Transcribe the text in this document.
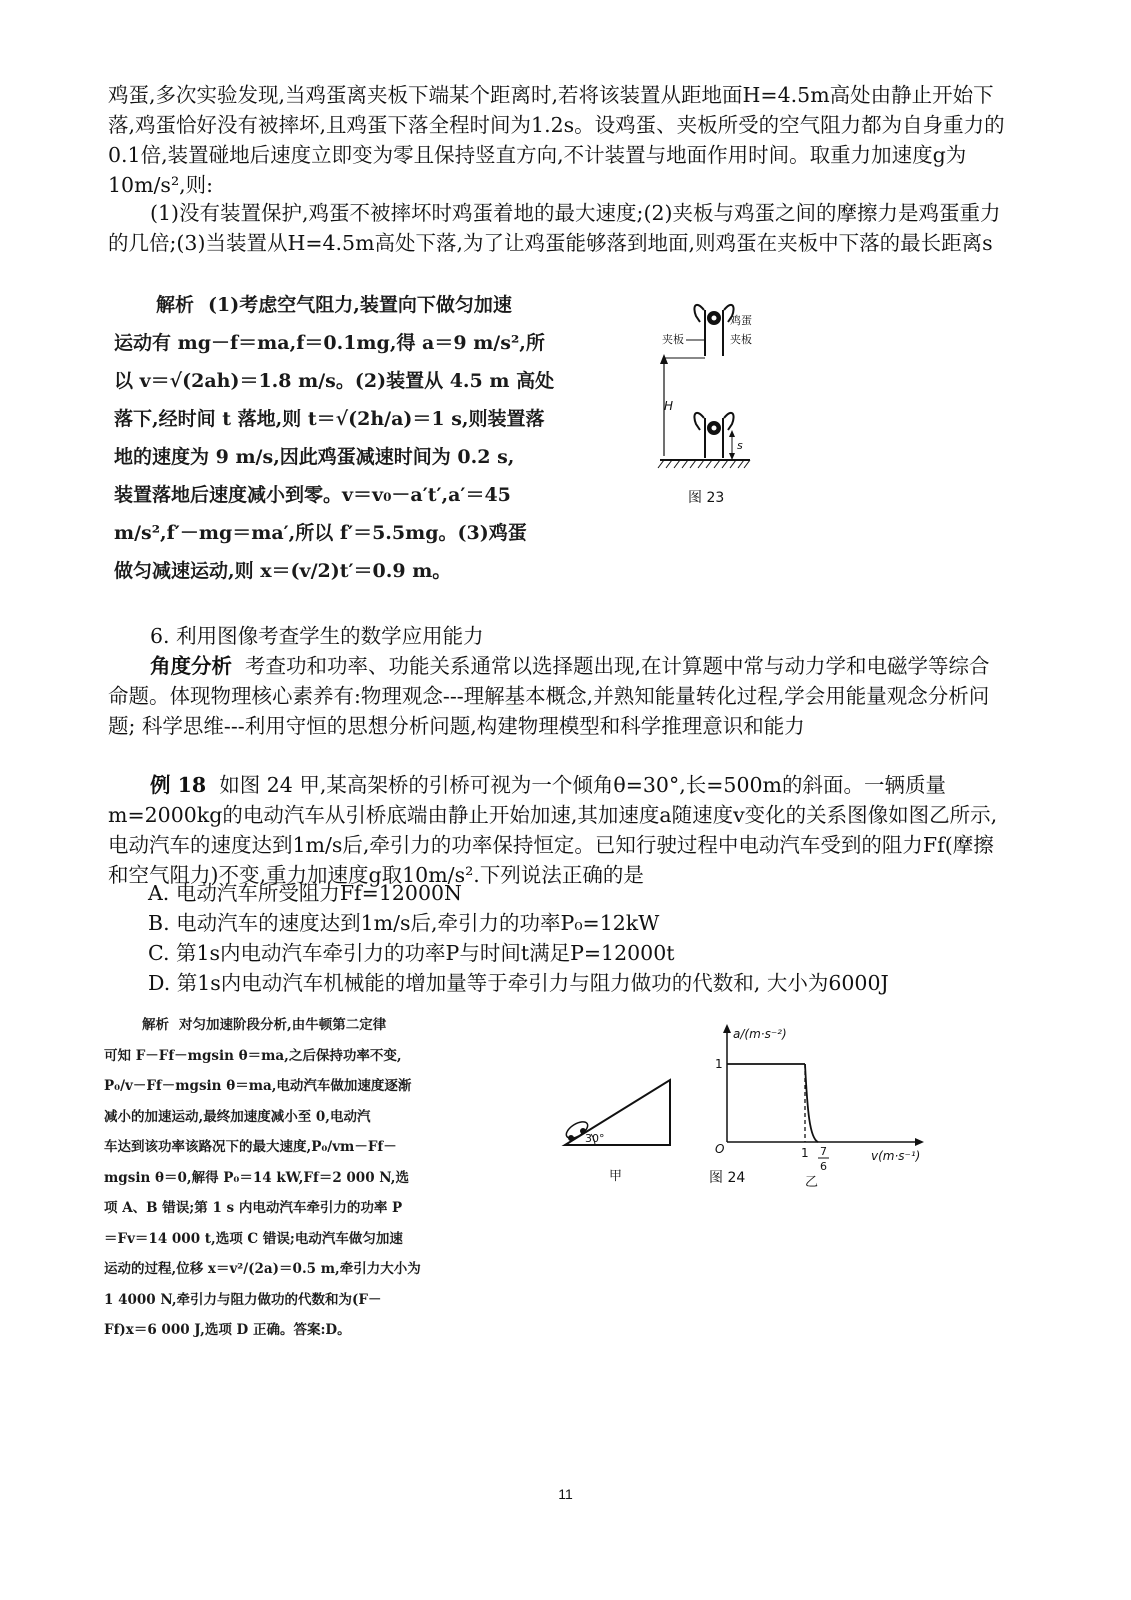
鸡蛋,多次实验发现,当鸡蛋离夹板下端某个距离时,若将该装置从距地面H=4.5m高处由静止开始下落,鸡蛋恰好没有被摔坏,且鸡蛋下落全程时间为1.2s。设鸡蛋、夹板所受的空气阻力都为自身重力的0.1倍,装置碰地后速度立即变为零且保持竖直方向,不计装置与地面作用时间。取重力加速度g为10m/s²,则:

(1)没有装置保护,鸡蛋不被摔坏时鸡蛋着地的最大速度;(2)夹板与鸡蛋之间的摩擦力是鸡蛋重力的几倍;(3)当装置从H=4.5m高处下落,为了让鸡蛋能够落到地面,则鸡蛋在夹板中下落的最长距离s

解析 (1)考虑空气阻力,装置向下做匀加速
运动有 mg－f＝ma,f＝0.1mg,得 a＝9 m/s²,所
以 v＝√(2ah)＝1.8 m/s。(2)装置从 4.5 m 高处
落下,经时间 t 落地,则 t＝√(2h/a)＝1 s,则装置落
地的速度为 9 m/s,因此鸡蛋减速时间为 0.2 s,
装置落地后速度减小到零。v＝v₀－a′t′,a′＝45
m/s²,f′－mg＝ma′,所以 f′＝5.5mg。(3)鸡蛋
做匀减速运动,则 x＝(v/2)t′＝0.9 m。
鸡蛋
夹板
夹板
H
s
图 23

6. 利用图像考查学生的数学应用能力

角度分析 考查功和功率、功能关系通常以选择题出现,在计算题中常与动力学和电磁学等综合命题。体现物理核心素养有:物理观念---理解基本概念,并熟知能量转化过程,学会用能量观念分析问题; 科学思维---利用守恒的思想分析问题,构建物理模型和科学推理意识和能力

例 18 如图 24 甲,某高架桥的引桥可视为一个倾角θ=30°,长=500m的斜面。一辆质量m=2000kg的电动汽车从引桥底端由静止开始加速,其加速度a随速度v变化的关系图像如图乙所示,电动汽车的速度达到1m/s后,牵引力的功率保持恒定。已知行驶过程中电动汽车受到的阻力Ff(摩擦和空气阻力)不变,重力加速度g取10m/s².下列说法正确的是

A. 电动汽车所受阻力Ff=12000N
B. 电动汽车的速度达到1m/s后,牵引力的功率P₀=12kW
C. 第1s内电动汽车牵引力的功率P与时间t满足P=12000t
D. 第1s内电动汽车机械能的增加量等于牵引力与阻力做功的代数和, 大小为6000J
解析 对匀加速阶段分析,由牛顿第二定律
可知 F－Ff－mgsin θ＝ma,之后保持功率不变,
P₀/v－Ff－mgsin θ＝ma,电动汽车做加速度逐渐
减小的加速运动,最终加速度减小至 0,电动汽
车达到该功率该路况下的最大速度,P₀/vm－Ff－
mgsin θ＝0,解得 P₀＝14 kW,Ff＝2 000 N,选
项 A、B 错误;第 1 s 内电动汽车牵引力的功率 P
＝Fv＝14 000 t,选项 C 错误;电动汽车做匀加速
运动的过程,位移 x＝v²/(2a)＝0.5 m,牵引力大小为
1 4000 N,牵引力与阻力做功的代数和为(F－
Ff)x＝6 000 J,选项 D 正确。答案:D。
30°
甲
1
1 7
6
a/(m·s⁻²)
v(m·s⁻¹)
O
图 24	乙
11
